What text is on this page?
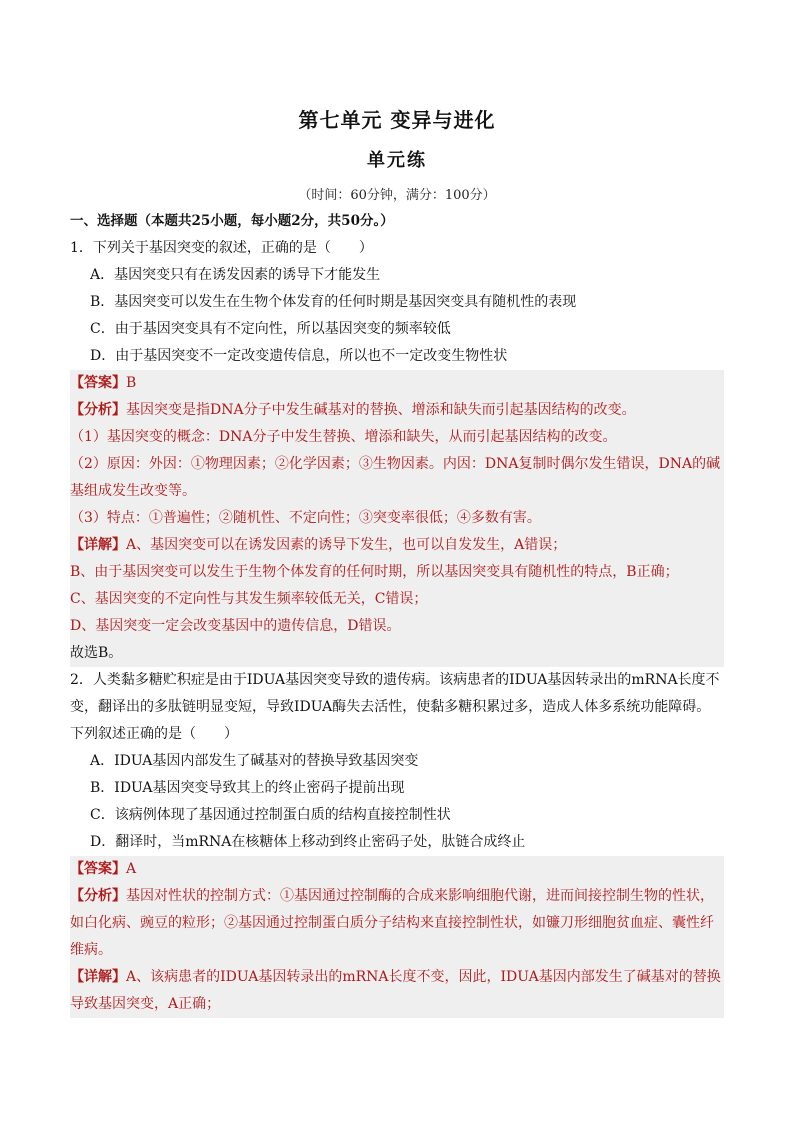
第七单元 变异与进化
单元练
（时间：60分钟，满分：100分）

一、选择题（本题共25小题，每小题2分，共50分。）

1．下列关于基因突变的叙述，正确的是（　　）

A．基因突变只有在诱发因素的诱导下才能发生

B．基因突变可以发生在生物个体发育的任何时期是基因突变具有随机性的表现

C．由于基因突变具有不定向性，所以基因突变的频率较低

D．由于基因突变不一定改变遗传信息，所以也不一定改变生物性状

【答案】B

【分析】基因突变是指DNA分子中发生碱基对的替换、增添和缺失而引起基因结构的改变。

（1）基因突变的概念：DNA分子中发生替换、增添和缺失，从而引起基因结构的改变。

（2）原因：外因：①物理因素；②化学因素；③生物因素。内因：DNA复制时偶尔发生错误，DNA的碱

基组成发生改变等。

（3）特点：①普遍性；②随机性、不定向性；③突变率很低；④多数有害。

【详解】A、基因突变可以在诱发因素的诱导下发生，也可以自发发生，A错误；

B、由于基因突变可以发生于生物个体发育的任何时期，所以基因突变具有随机性的特点，B正确；

C、基因突变的不定向性与其发生频率较低无关，C错误；

D、基因突变一定会改变基因中的遗传信息，D错误。

故选B。

2．人类黏多糖贮积症是由于IDUA基因突变导致的遗传病。该病患者的IDUA基因转录出的mRNA长度不

变，翻译出的多肽链明显变短，导致IDUA酶失去活性，使黏多糖积累过多，造成人体多系统功能障碍。

下列叙述正确的是（　　）

A．IDUA基因内部发生了碱基对的替换导致基因突变

B．IDUA基因突变导致其上的终止密码子提前出现

C．该病例体现了基因通过控制蛋白质的结构直接控制性状

D．翻译时，当mRNA在核糖体上移动到终止密码子处，肽链合成终止

【答案】A

【分析】基因对性状的控制方式：①基因通过控制酶的合成来影响细胞代谢，进而间接控制生物的性状，

如白化病、豌豆的粒形；②基因通过控制蛋白质分子结构来直接控制性状，如镰刀形细胞贫血症、囊性纤

维病。

【详解】A、该病患者的IDUA基因转录出的mRNA长度不变，因此，IDUA基因内部发生了碱基对的替换

导致基因突变，A正确；
